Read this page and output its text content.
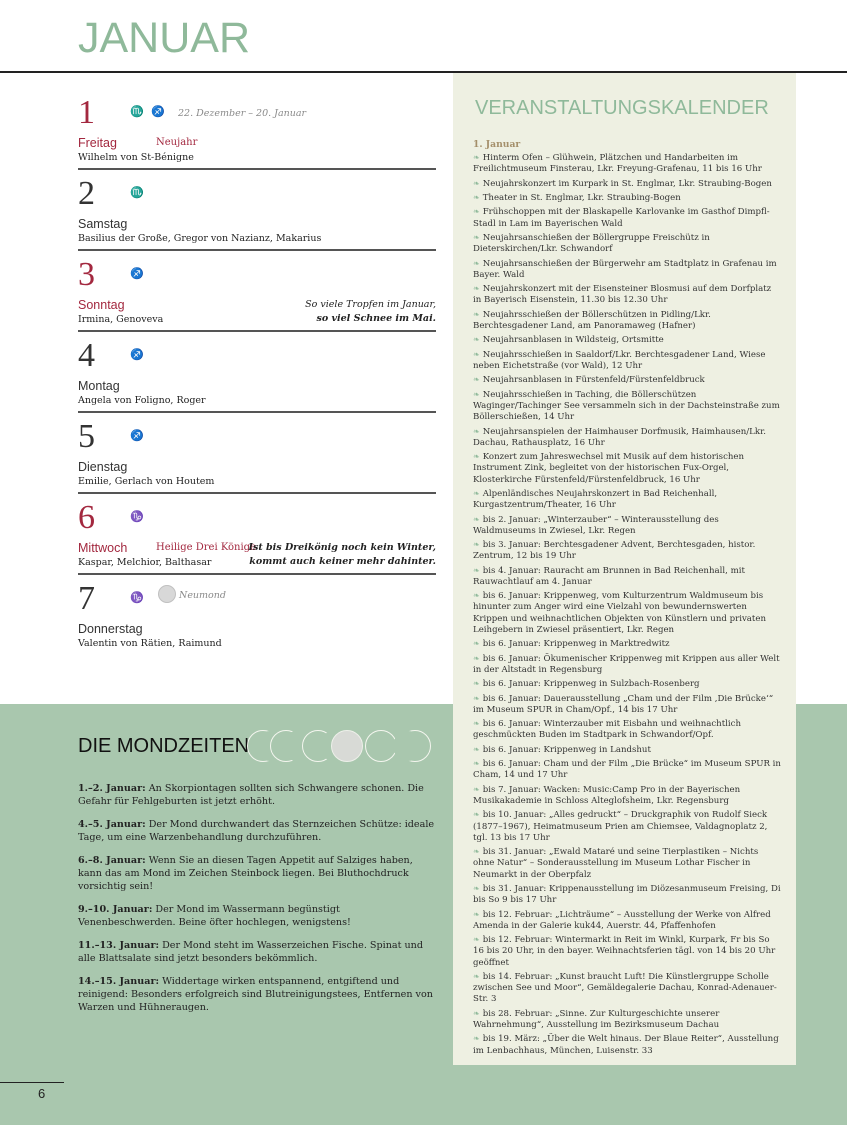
JANUAR
1	♏ ♐ 22. Dezember – 20. Januar
Freitag	Neujahr
Wilhelm von St-Bénigne
2	♏
Samstag
Basilius der Große, Gregor von Nazianz, Makarius
3	♐
Sonntag
Irmina, Genoveva
So viele Tropfen im Januar,
so viel Schnee im Mai.
4	♐
Montag
Angela von Foligno, Roger
5	♐
Dienstag
Emilie, Gerlach von Houtem
6	♑
Mittwoch	Heilige Drei Könige
Kaspar, Melchior, Balthasar
Ist bis Dreikönig noch kein Winter,
kommt auch keiner mehr dahinter.
7	♑	Neumond
Donnerstag
Valentin von Rätien, Raimund
VERANSTALTUNGSKALENDER
1. Januar
❧ Hinterm Ofen – Glühwein, Plätzchen und Handarbeiten im Freilichtmuseum Finsterau, Lkr. Freyung-Grafenau, 11 bis 16 Uhr
❧ Neujahrskonzert im Kurpark in St. Englmar, Lkr. Straubing-Bogen
❧ Theater in St. Englmar, Lkr. Straubing-Bogen
❧ Frühschoppen mit der Blaskapelle Karlovanke im Gasthof Dimpfl-Stadl in Lam im Bayerischen Wald
❧ Neujahrsanschießen der Böllergruppe Freischütz in Dieterskirchen/Lkr. Schwandorf
❧ Neujahrsanschießen der Bürgerwehr am Stadtplatz in Grafenau im Bayer. Wald
❧ Neujahrskonzert mit der Eisensteiner Blosmusi auf dem Dorfplatz in Bayerisch Eisenstein, 11.30 bis 12.30 Uhr
❧ Neujahrsschießen der Böllerschützen in Pidling/Lkr. Berchtesgadener Land, am Panoramaweg (Hafner)
❧ Neujahrsanblasen in Wildsteig, Ortsmitte
❧ Neujahrsschießen in Saaldorf/Lkr. Berchtesgadener Land, Wiese neben Eichetstraße (vor Wald), 12 Uhr
❧ Neujahrsanblasen in Fürstenfeld/Fürstenfeldbruck
❧ Neujahrsschießen in Taching, die Böllerschützen Waginger/Tachinger See versammeln sich in der Dachsteinstraße zum Böllerschießen, 14 Uhr
❧ Neujahrsanspielen der Haimhauser Dorfmusik, Haimhausen/Lkr. Dachau, Rathausplatz, 16 Uhr
❧ Konzert zum Jahreswechsel mit Musik auf dem historischen Instrument Zink, begleitet von der historischen Fux-Orgel, Klosterkirche Fürstenfeld/Fürstenfeldbruck, 16 Uhr
❧ Alpenländisches Neujahrskonzert in Bad Reichenhall, Kurgastzentrum/Theater, 16 Uhr
❧ bis 2. Januar: „Winterzauber“ – Winterausstellung des Waldmuseums in Zwiesel, Lkr. Regen
❧ bis 3. Januar: Berchtesgadener Advent, Berchtesgaden, histor. Zentrum, 12 bis 19 Uhr
❧ bis 4. Januar: Rauracht am Brunnen in Bad Reichenhall, mit Rauwachtlauf am 4. Januar
❧ bis 6. Januar: Krippenweg, vom Kulturzentrum Waldmuseum bis hinunter zum Anger wird eine Vielzahl von bewundernswerten Krippen und weihnachtlichen Objekten von Künstlern und privaten Leihgebern in Zwiesel präsentiert, Lkr. Regen
❧ bis 6. Januar: Krippenweg in Marktredwitz
❧ bis 6. Januar: Ökumenischer Krippenweg mit Krippen aus aller Welt in der Altstadt in Regensburg
❧ bis 6. Januar: Krippenweg in Sulzbach-Rosenberg
❧ bis 6. Januar: Dauerausstellung „Cham und der Film ,Die Brücke‘“ im Museum SPUR in Cham/Opf., 14 bis 17 Uhr
❧ bis 6. Januar: Winterzauber mit Eisbahn und weihnachtlich geschmückten Buden im Stadtpark in Schwandorf/Opf.
❧ bis 6. Januar: Krippenweg in Landshut
❧ bis 6. Januar: Cham und der Film „Die Brücke“ im Museum SPUR in Cham, 14 und 17 Uhr
❧ bis 7. Januar: Wacken: Music:Camp Pro in der Bayerischen Musikakademie in Schloss Alteglofsheim, Lkr. Regensburg
❧ bis 10. Januar: „Alles gedruckt“ – Druckgraphik von Rudolf Sieck (1877–1967), Heimatmuseum Prien am Chiemsee, Valdagnoplatz 2, tgl. 13 bis 17 Uhr
❧ bis 31. Januar: „Ewald Mataré und seine Tierplastiken – Nichts ohne Natur“ – Sonderausstellung im Museum Lothar Fischer in Neumarkt in der Oberpfalz
❧ bis 31. Januar: Krippenausstellung im Diözesanmuseum Freising, Di bis So 9 bis 17 Uhr
❧ bis 12. Februar: „Lichträume“ – Ausstellung der Werke von Alfred Amenda in der Galerie kuk44, Auerstr. 44, Pfaffenhofen
❧ bis 12. Februar: Wintermarkt in Reit im Winkl, Kurpark, Fr bis So 16 bis 20 Uhr, in den bayer. Weihnachtsferien tägl. von 14 bis 20 Uhr geöffnet
❧ bis 14. Februar: „Kunst braucht Luft! Die Künstlergruppe Scholle zwischen See und Moor“, Gemäldegalerie Dachau, Konrad-Adenauer-Str. 3
❧ bis 28. Februar: „Sinne. Zur Kulturgeschichte unserer Wahrnehmung“, Ausstellung im Bezirksmuseum Dachau
❧ bis 19. März: „Über die Welt hinaus. Der Blaue Reiter“, Ausstellung im Lenbachhaus, München, Luisenstr. 33
DIE MONDZEITEN

1.–2. Januar: An Skorpiontagen sollten sich Schwangere schonen. Die Gefahr für Fehlgeburten ist jetzt erhöht.

4.–5. Januar: Der Mond durchwandert das Sternzeichen Schütze: ideale Tage, um eine Warzenbehandlung durchzuführen.

6.–8. Januar: Wenn Sie an diesen Tagen Appetit auf Salziges haben, kann das am Mond im Zeichen Steinbock liegen. Bei Bluthochdruck vorsichtig sein!

9.–10. Januar: Der Mond im Wassermann begünstigt Venenbeschwerden. Beine öfter hochlegen, wenigstens!

11.–13. Januar: Der Mond steht im Wasserzeichen Fische. Spinat und alle Blattsalate sind jetzt besonders bekömmlich.

14.–15. Januar: Widdertage wirken entspannend, entgiftend und reinigend: Besonders erfolgreich sind Blutreinigungstees, Entfernen von Warzen und Hühneraugen.

6
